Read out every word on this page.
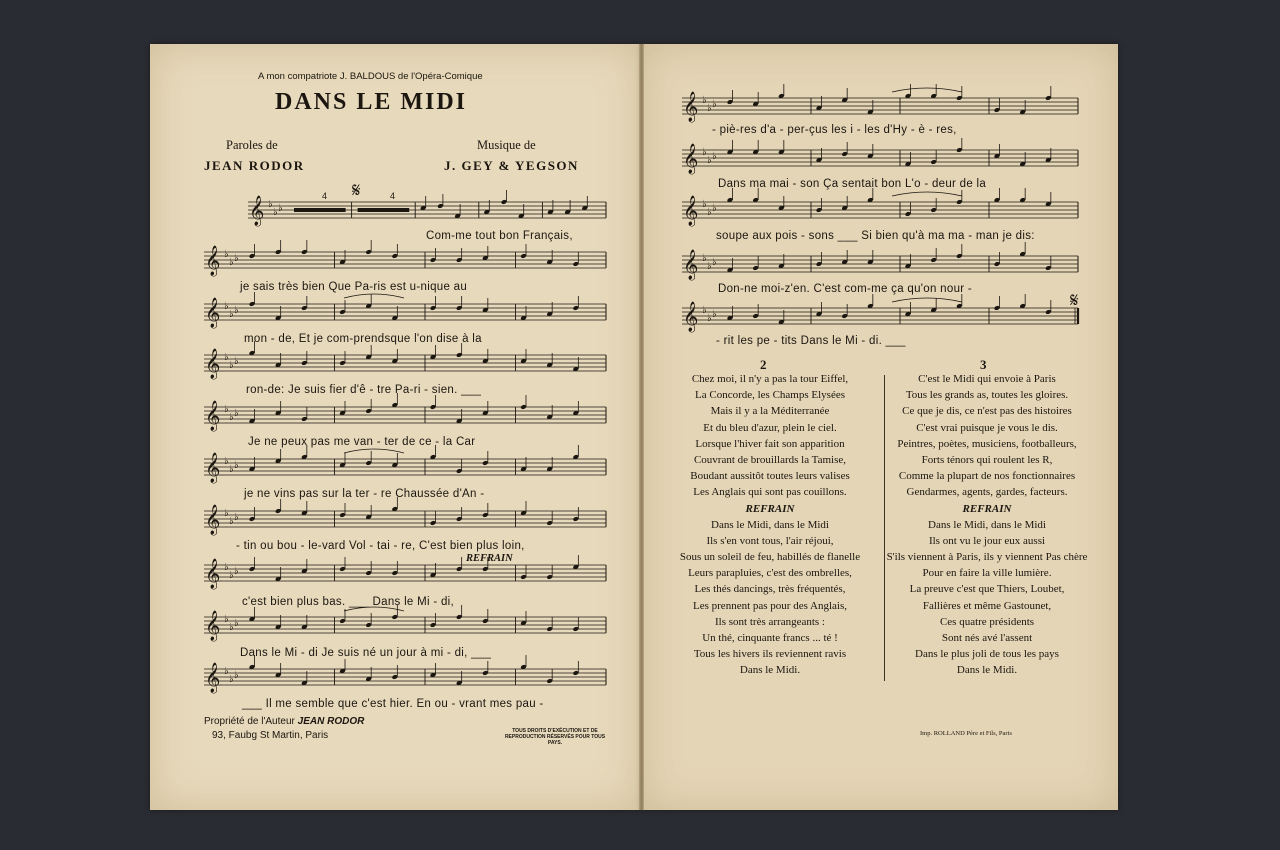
A mon compatriote J. BALDOUS de l'Opéra-Comique
DANS LE MIDI
Paroles de
JEAN RODOR
Musique de
J. GEY & YEGSON
𝄞 ♭
♭ ♭
𝄞 ♭
♭ ♭
𝄞 ♭
♭ ♭
𝄞 ♭
♭ ♭
𝄞 ♭
♭ ♭
𝄞 ♭
♭ ♭
𝄞 ♭
♭ ♭
𝄞 ♭
♭ ♭
𝄞 ♭
♭ ♭
𝄞 ♭
♭ ♭
𝄞 ♭
♭ ♭
𝄞 ♭
♭ ♭
𝄞 ♭
♭ ♭
𝄞 ♭
♭ ♭
𝄞 ♭
♭ ♭
4	4
𝄋
𝄋
REFRAIN
Com-me tout bon Français,
je sais très bien Que Pa-ris est u-nique au
mon - de, Et je com-prendsque l'on dise à la
ron-de: Je suis fier d'ê - tre Pa-ri - sien. ___
Je ne peux pas me van - ter de ce - la Car
je ne vins pas sur la ter - re Chaussée d'An -
- tin ou bou - le-vard Vol - tai - re, C'est bien plus loin,
c'est bien plus bas. ___ Dans le Mi - di,
Dans le Mi - di Je suis né un jour à mi - di, ___
___ Il me semble que c'est hier. En ou - vrant mes pau -
- piè-res d'a - per-çus les i - les d'Hy - è - res,
Dans ma mai - son Ça sentait bon L'o - deur de la
soupe aux pois - sons ___ Si bien qu'à ma ma - man je dis:
Don-ne moi-z'en. C'est com-me ça qu'on nour -
- rit les pe - tits Dans le Mi - di. ___
Propriété de l'Auteur JEAN RODOR
93, Faubg St Martin, Paris	TOUS DROITS D'EXÉCUTION ET DE REPRODUCTION RÉSERVÉS POUR TOUS PAYS.
Imp. ROLLAND Père et Fils, Paris
2	3
Chez moi, il n'y a pas la tour Eiffel,
La Concorde, les Champs Elysées
Mais il y a la Méditerranée
Et du bleu d'azur, plein le ciel.
Lorsque l'hiver fait son apparition
Couvrant de brouillards la Tamise,
Boudant aussitôt toutes leurs valises
Les Anglais qui sont pas couillons.
REFRAIN
Dans le Midi, dans le Midi
Ils s'en vont tous, l'air réjoui,
Sous un soleil de feu, habillés de flanelle
Leurs parapluies, c'est des ombrelles,
Les thés dancings, très fréquentés,
Les prennent pas pour des Anglais,
Ils sont très arrangeants :
Un thé, cinquante francs ... té !
Tous les hivers ils reviennent ravis
Dans le Midi.
C'est le Midi qui envoie à Paris
Tous les grands as, toutes les gloires.
Ce que je dis, ce n'est pas des histoires
C'est vrai puisque je vous le dis.
Peintres, poètes, musiciens, footballeurs,
Forts ténors qui roulent les R,
Comme la plupart de nos fonctionnaires
Gendarmes, agents, gardes, facteurs.
REFRAIN
Dans le Midi, dans le Midi
Ils ont vu le jour eux aussi
S'ils viennent à Paris, ils y viennent Pas chère
Pour en faire la ville lumière.
La preuve c'est que Thiers, Loubet,
Fallières et même Gastounet,
Ces quatre présidents
Sont nés avé l'assent
Dans le plus joli de tous les pays
Dans le Midi.
